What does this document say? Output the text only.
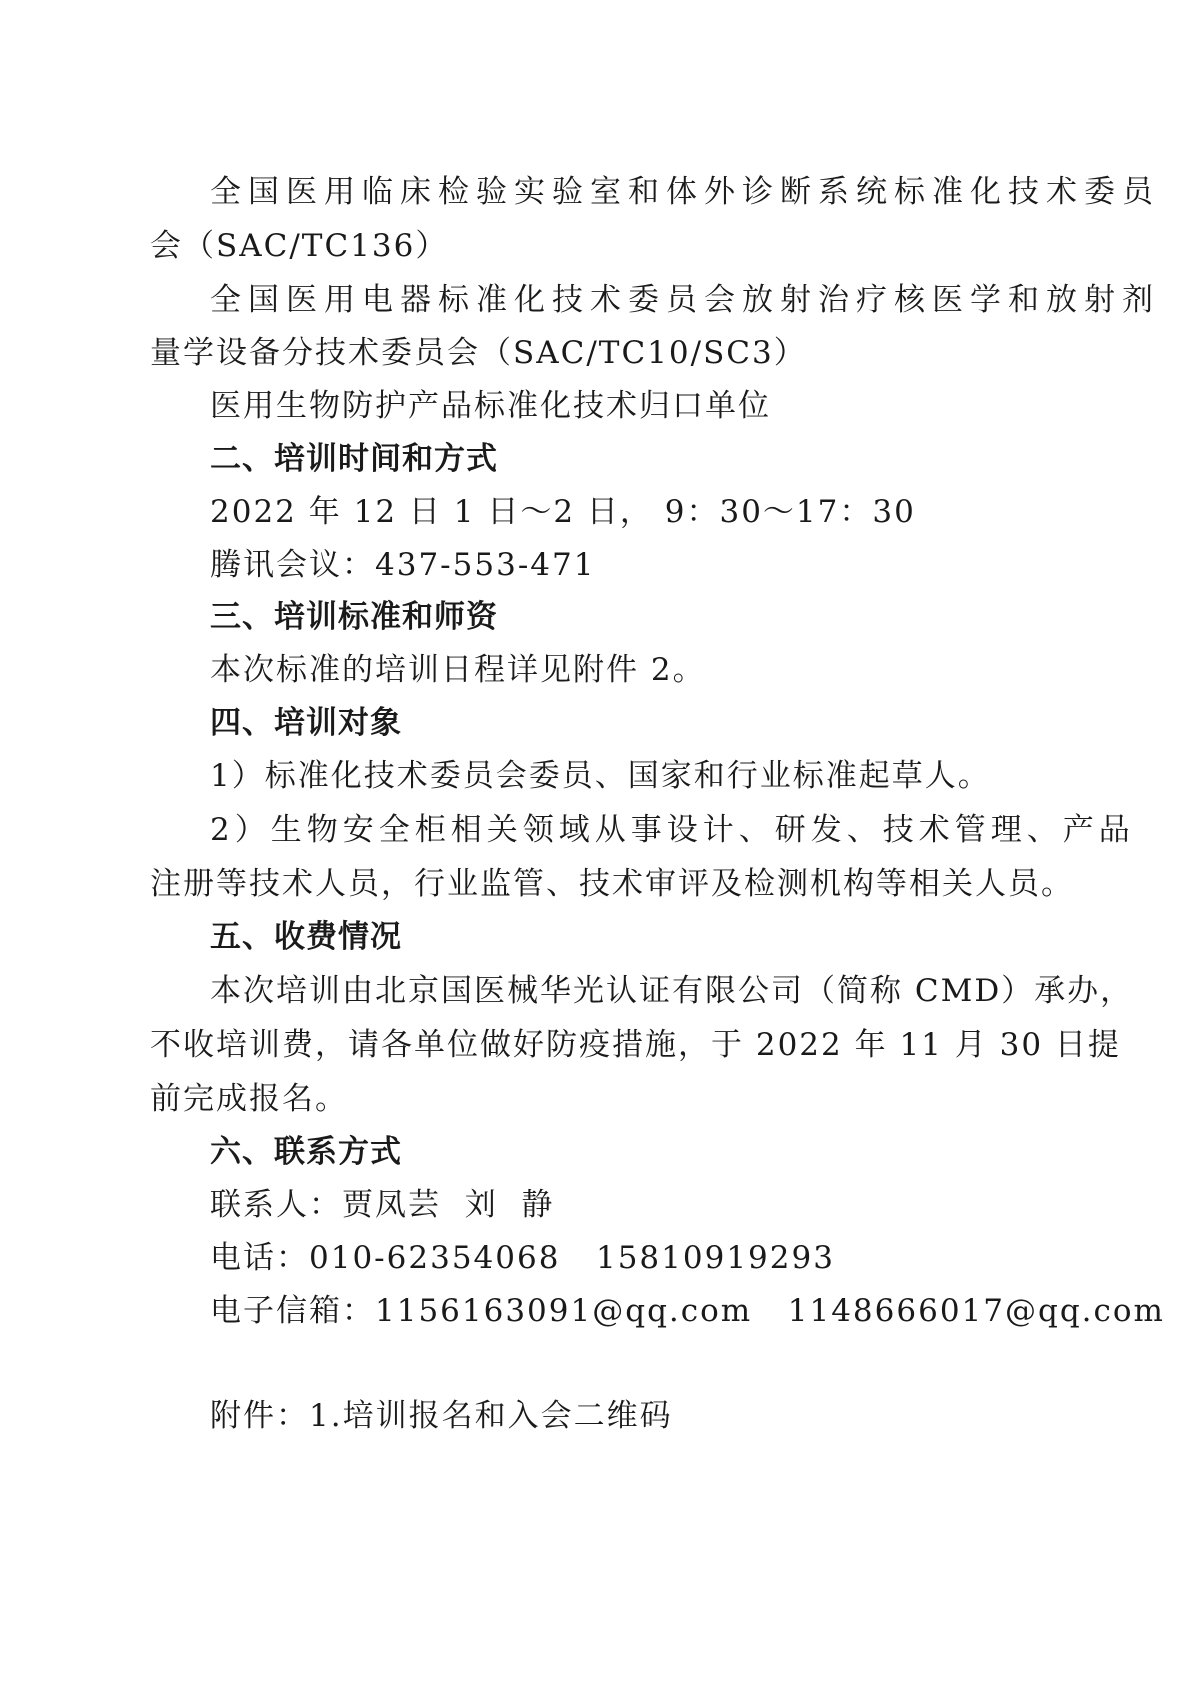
全国医用临床检验实验室和体外诊断系统标准化技术委员
会（SAC/TC136）
全国医用电器标准化技术委员会放射治疗核医学和放射剂
量学设备分技术委员会（SAC/TC10/SC3）
医用生物防护产品标准化技术归口单位
二、培训时间和方式
2022 年 12 日 1 日～2 日， 9：30～17：30
腾讯会议：437-553-471
三、培训标准和师资
本次标准的培训日程详见附件 2。
四、培训对象
1）标准化技术委员会委员、国家和行业标准起草人。
2）生物安全柜相关领域从事设计、研发、技术管理、产品
注册等技术人员，行业监管、技术审评及检测机构等相关人员。
五、收费情况
本次培训由北京国医械华光认证有限公司（简称 CMD）承办，
不收培训费，请各单位做好防疫措施，于 2022 年 11 月 30 日提
前完成报名。
六、联系方式
联系人：贾凤芸  刘  静
电话：010-62354068   15810919293
电子信箱：1156163091@qq.com   1148666017@qq.com
附件：1.培训报名和入会二维码
